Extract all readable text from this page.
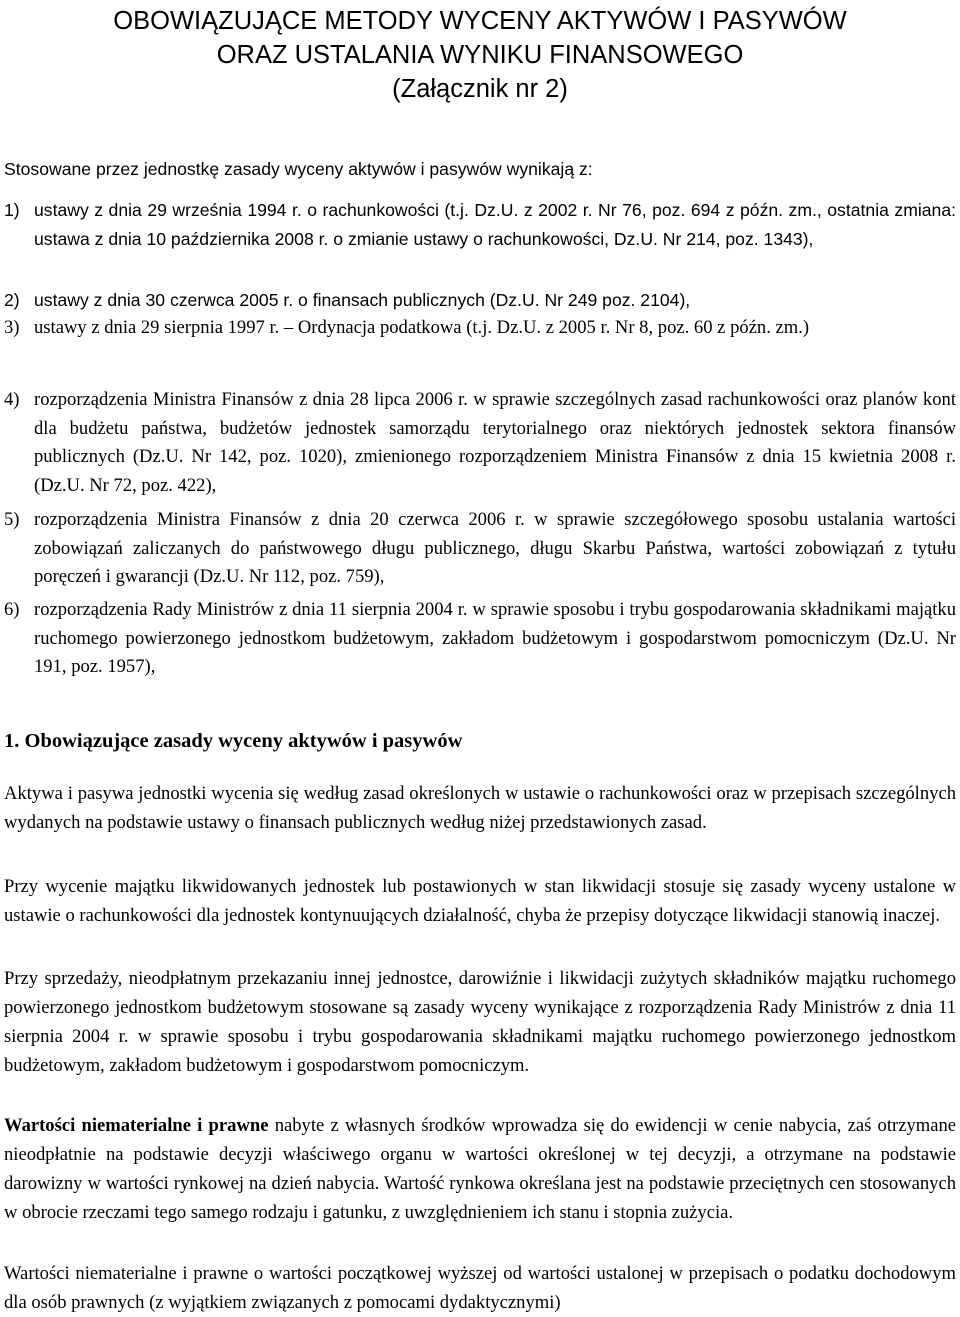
OBOWIĄZUJĄCE METODY WYCENY AKTYWÓW I PASYWÓW
ORAZ USTALANIA WYNIKU FINANSOWEGO
(Załącznik nr 2)

Stosowane przez jednostkę zasady wyceny aktywów i pasywów wynikają z:

1) ustawy z dnia 29 września 1994 r. o rachunkowości (t.j. Dz.U. z 2002 r. Nr 76, poz. 694 z późn. zm., ostatnia zmiana: ustawa z dnia 10 października 2008 r. o zmianie ustawy o rachunkowości, Dz.U. Nr 214, poz. 1343),
2) ustawy z dnia 30 czerwca 2005 r. o finansach publicznych (Dz.U. Nr 249 poz. 2104),
3) ustawy z dnia 29 sierpnia 1997 r. – Ordynacja podatkowa (t.j. Dz.U. z 2005 r. Nr 8, poz. 60 z późn. zm.)
4) rozporządzenia Ministra Finansów z dnia 28 lipca 2006 r. w sprawie szczególnych zasad rachunkowości oraz planów kont dla budżetu państwa, budżetów jednostek samorządu terytorialnego oraz niektórych jednostek sektora finansów publicznych (Dz.U. Nr 142, poz. 1020), zmienionego rozporządzeniem Ministra Finansów z dnia 15 kwietnia 2008 r. (Dz.U. Nr 72, poz. 422),
5) rozporządzenia Ministra Finansów z dnia 20 czerwca 2006 r. w sprawie szczegółowego sposobu ustalania wartości zobowiązań zaliczanych do państwowego długu publicznego, długu Skarbu Państwa, wartości zobowiązań z tytułu poręczeń i gwarancji (Dz.U. Nr 112, poz. 759),
6) rozporządzenia Rady Ministrów z dnia 11 sierpnia 2004 r. w sprawie sposobu i trybu gospodarowania składnikami majątku ruchomego powierzonego jednostkom budżetowym, zakładom budżetowym i gospodarstwom pomocniczym (Dz.U. Nr 191, poz. 1957),
1. Obowiązujące zasady wyceny aktywów i pasywów

Aktywa i pasywa jednostki wycenia się według zasad określonych w ustawie o rachunkowości oraz w przepisach szczególnych wydanych na podstawie ustawy o finansach publicznych według niżej przedstawionych zasad.

Przy wycenie majątku likwidowanych jednostek lub postawionych w stan likwidacji stosuje się zasady wyceny ustalone w ustawie o rachunkowości dla jednostek kontynuujących działalność, chyba że przepisy dotyczące likwidacji stanowią inaczej.

Przy sprzedaży, nieodpłatnym przekazaniu innej jednostce, darowiźnie i likwidacji zużytych składników majątku ruchomego powierzonego jednostkom budżetowym stosowane są zasady wyceny wynikające z rozporządzenia Rady Ministrów z dnia 11 sierpnia 2004 r. w sprawie sposobu i trybu gospodarowania składnikami majątku ruchomego powierzonego jednostkom budżetowym, zakładom budżetowym i gospodarstwom pomocniczym.

Wartości niematerialne i prawne nabyte z własnych środków wprowadza się do ewidencji w cenie nabycia, zaś otrzymane nieodpłatnie na podstawie decyzji właściwego organu w wartości określonej w tej decyzji, a otrzymane na podstawie darowizny w wartości rynkowej na dzień nabycia. Wartość rynkowa określana jest na podstawie przeciętnych cen stosowanych w obrocie rzeczami tego samego rodzaju i gatunku, z uwzględnieniem ich stanu i stopnia zużycia.

Wartości niematerialne i prawne o wartości początkowej wyższej od wartości ustalonej w przepisach o podatku dochodowym dla osób prawnych (z wyjątkiem związanych z pomocami dydaktycznymi)
